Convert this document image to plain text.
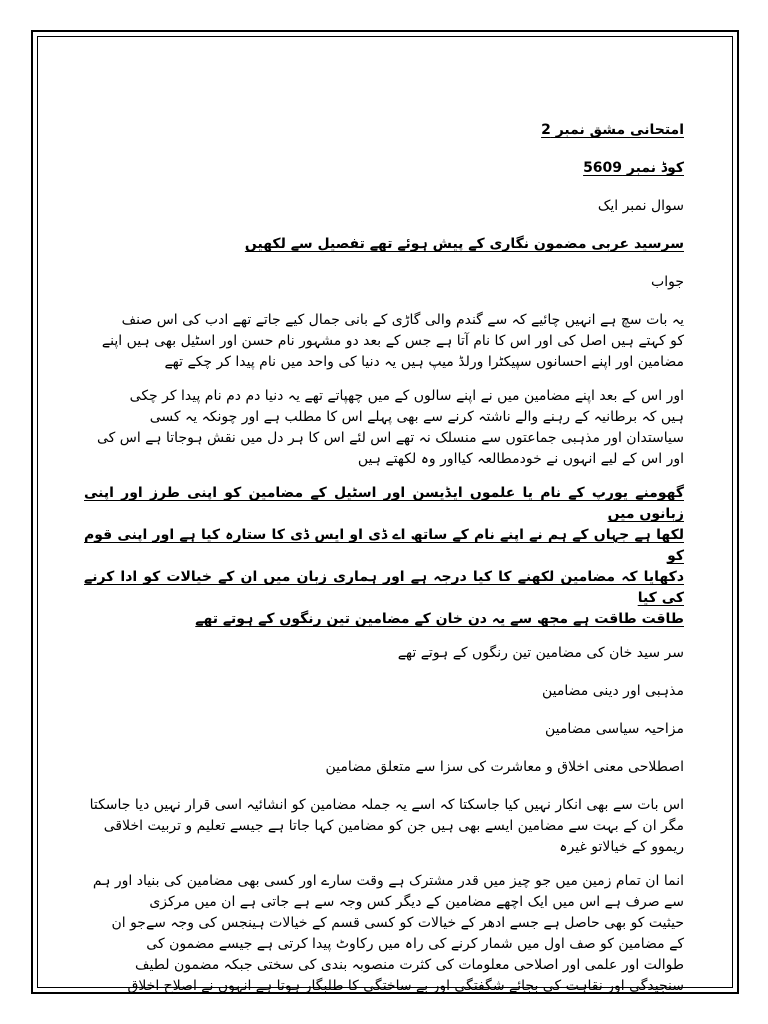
امتحانی مشق نمبر 2

کوڈ نمبر 5609

سوال نمبر ایک

سرسید عربی مضمون نگاری کے پیش ہوئے تھے تفصیل سے لکھیں

جواب

یہ بات سچ ہے انہیں چائیے کہ سے گندم والی گاڑی کے بانی جمال کیے جاتے تھے ادب کی اس صنف

کو کہتے ہیں اصل کی اور اس کا نام آتا ہے جس کے بعد دو مشہور نام حسن اور اسٹیل بھی ہیں اپنے

مضامین اور اپنے احسانوں سپیکٹرا ورلڈ میپ ہیں یہ دنیا کی واحد میں نام پیدا کر چکے تھے

اور اس کے بعد اپنے مضامین میں نے اپنے سالوں کے میں چھپاتے تھے یہ دنیا دم دم نام پیدا کر چکی

ہیں کہ برطانیہ کے رہنے والے ناشتہ کرنے سے بھی پہلے اس کا مطلب ہے اور چونکہ یہ کسی

سیاستدان اور مذہبی جماعتوں سے منسلک نہ تھے اس لئے اس کا ہر دل میں نقش ہوجاتا ہے اس کی

اور اس کے لیے انہوں نے خودمطالعہ کیااور وہ لکھتے ہیں

گھومنے یورپ کے نام یا علموں ایڈیسن اور اسٹیل کے مضامین کو اپنی طرز اور اپنی زبانوں میں

لکھا ہے جہاں کے ہم نے اپنے نام کے ساتھ اے ڈی او ایس ڈی کا ستارہ کیا ہے اور اپنی قوم کو

دکھایا کہ مضامین لکھنے کا کیا درجہ ہے اور ہماری زبان میں ان کے خیالات کو ادا کرنے کی کیا

طاقت طاقت ہے مجھ سے یہ دن خان کے مضامین تین رنگوں کے ہوتے تھے

سر سید خان کی مضامین تین رنگوں کے ہوتے تھے

مذہبی اور دینی مضامین

مزاحیہ سیاسی مضامین

اصطلاحی معنی اخلاق و معاشرت کی سزا سے متعلق مضامین

اس بات سے بھی انکار نہیں کیا جاسکتا کہ اسے یہ جملہ مضامین کو انشائیہ اسی قرار نہیں دیا جاسکتا

مگر ان کے بہت سے مضامین ایسے بھی ہیں جن کو مضامین کہا جاتا ہے جیسے تعلیم و تربیت اخلاقی

ریموو کے خیالاتو غیرہ

انما ان تمام زمین میں جو چیز میں قدر مشترک ہے وقت سارے اور کسی بھی مضامین کی بنیاد اور ہم

سے صرف ہے اس میں ایک اچھے مضامین کے دیگر کس وجہ سے ہے جاتی ہے ان میں مرکزی

حیثیت کو بھی حاصل ہے جسے ادھر کے خیالات کو کسی قسم کے خیالات ہینجس کی وجہ سےجو ان

کے مضامین کو صف اول میں شمار کرنے کی راہ میں رکاوٹ پیدا کرتی ہے جیسے مضمون کی

طوالت اور علمی اور اصلاحی معلومات کی کثرت منصوبہ بندی کی سختی جبکہ مضمون لطیف

سنجیدگی اور نقاہت کی بجائے شگفتگی اور بے ساختگی کا طلبگار ہوتا ہے انہوں نے اصلاح اخلاق
